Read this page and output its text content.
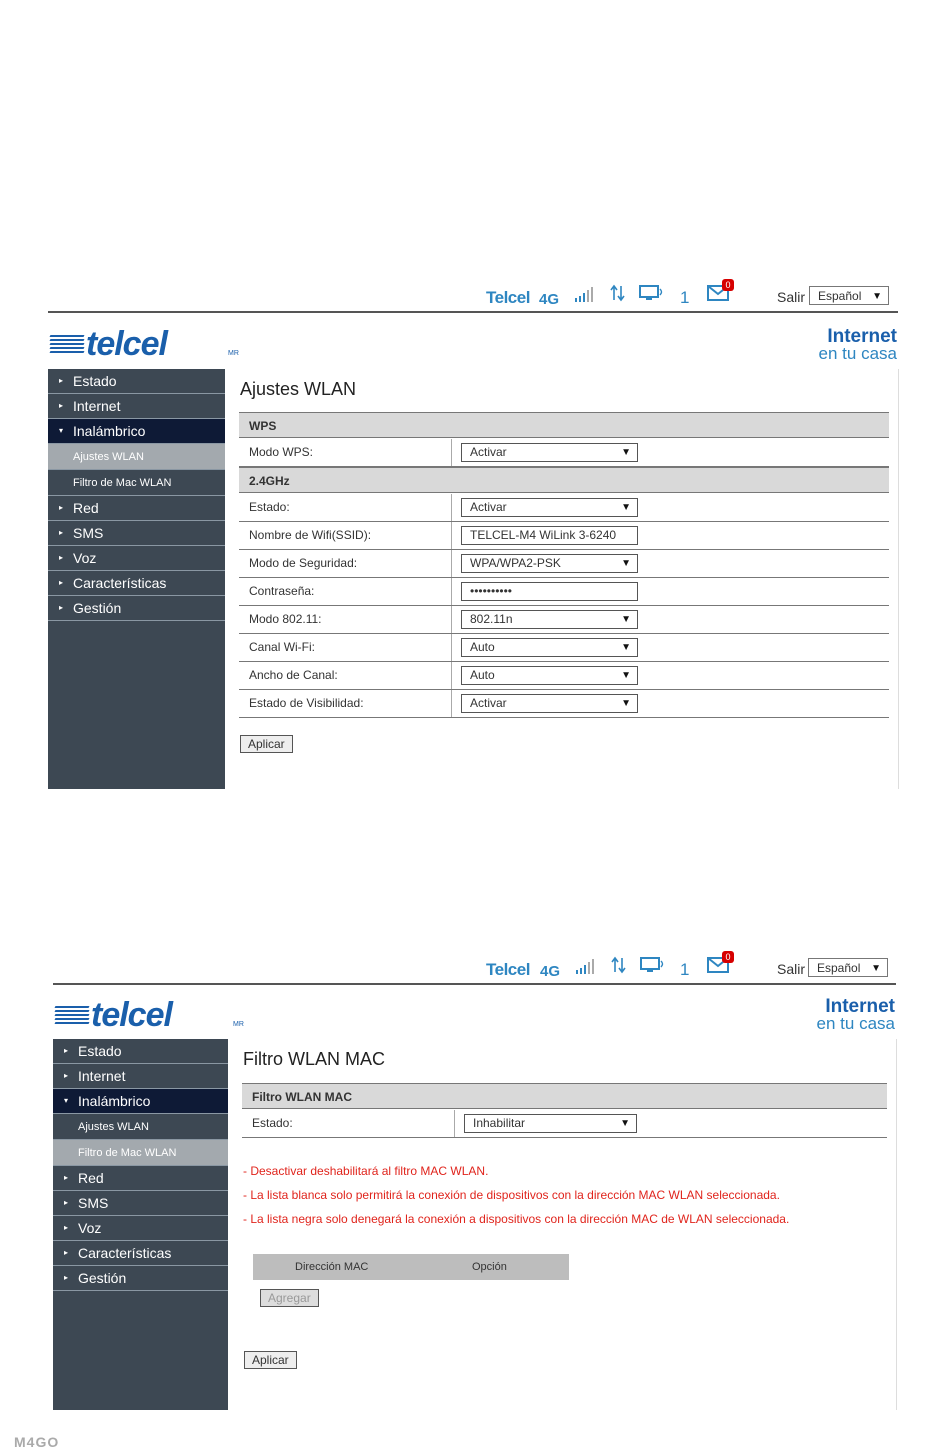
Telcel 4G	1
0
Salir	Español ▼
telcel	MR
Internet
en tu casa
▸ Estado
▸ Internet
▾ Inalámbrico
Ajustes WLAN
Filtro de Mac WLAN
▸ Red
▸ SMS
▸ Voz
▸ Características
▸ Gestión
Ajustes WLAN
WPS
Modo WPS:	Activar	▼
2.4GHz
Estado:	Activar	▼
Nombre de Wifi(SSID):	TELCEL-M4 WiLink 3-6240
Modo de Seguridad:	WPA/WPA2-PSK	▼
Contraseña:	••••••••••
Modo 802.11:	802.11n	▼
Canal Wi-Fi:	Auto	▼
Ancho de Canal:	Auto	▼
Estado de Visibilidad:	Activar	▼
Aplicar
Telcel 4G	1
0
Salir Español ▼
telcel	MR
Internet
en tu casa
▸ Estado
▸ Internet
▾ Inalámbrico
Ajustes WLAN
Filtro de Mac WLAN
▸ Red
▸ SMS
▸ Voz
▸ Características
▸ Gestión
Filtro WLAN MAC
Filtro WLAN MAC
Estado:	Inhabilitar	▼
- Desactivar deshabilitará al filtro MAC WLAN.
- La lista blanca solo permitirá la conexión de dispositivos con la dirección MAC WLAN seleccionada.
- La lista negra solo denegará la conexión a dispositivos con la dirección MAC de WLAN seleccionada.
Dirección MAC	Opción
Agregar
Aplicar
M4GO
